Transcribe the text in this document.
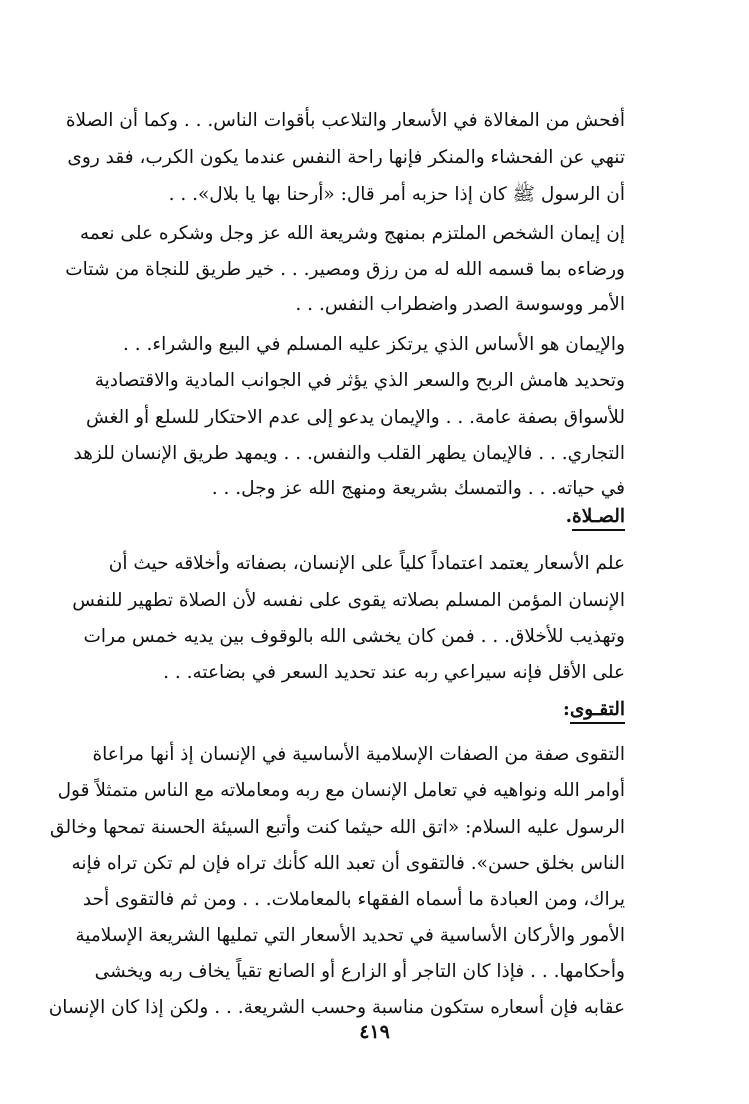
أفحش من المغالاة في الأسعار والتلاعب بأقوات الناس. . . وكما أن الصلاة
تنهي عن الفحشاء والمنكر فإنها راحة النفس عندما يكون الكرب، فقد روى
أن الرسول ﷺ كان إذا حزبه أمر قال: «أرحنا بها يا بلال». . .
إن إيمان الشخص الملتزم بمنهج وشريعة الله عز وجل وشكره على نعمه
ورضاءه بما قسمه الله له من رزق ومصير. . . خير طريق للنجاة من شتات
الأمر ووسوسة الصدر واضطراب النفس. . .
والإيمان هو الأساس الذي يرتكز عليه المسلم في البيع والشراء. . .
وتحديد هامش الربح والسعر الذي يؤثر في الجوانب المادية والاقتصادية
للأسواق بصفة عامة. . . والإيمان يدعو إلى عدم الاحتكار للسلع أو الغش
التجاري. . . فالإيمان يطهر القلب والنفس. . . ويمهد طريق الإنسان للزهد
في حياته. . . والتمسك بشريعة ومنهج الله عز وجل. . .
الصـلاة.
علم الأسعار يعتمد اعتماداً كلياً على الإنسان، بصفاته وأخلاقه حيث أن
الإنسان المؤمن المسلم بصلاته يقوى على نفسه لأن الصلاة تطهير للنفس
وتهذيب للأخلاق. . . فمن كان يخشى الله بالوقوف بين يديه خمس مرات
على الأقل فإنه سيراعي ربه عند تحديد السعر في بضاعته. . .
التقـوى:
التقوى صفة من الصفات الإسلامية الأساسية في الإنسان إذ أنها مراعاة
أوامر الله ونواهيه في تعامل الإنسان مع ربه ومعاملاته مع الناس متمثلاً قول
الرسول عليه السلام: «اتق الله حيثما كنت وأتبع السيئة الحسنة تمحها وخالق
الناس بخلق حسن». فالتقوى أن تعبد الله كأنك تراه فإن لم تكن تراه فإنه
يراك، ومن العبادة ما أسماه الفقهاء بالمعاملات. . . ومن ثم فالتقوى أحد
الأمور والأركان الأساسية في تحديد الأسعار التي تمليها الشريعة الإسلامية
وأحكامها. . . فإذا كان التاجر أو الزارع أو الصانع تقياً يخاف ربه ويخشى
عقابه فإن أسعاره ستكون مناسبة وحسب الشريعة. . . ولكن إذا كان الإنسان
٤١٩
